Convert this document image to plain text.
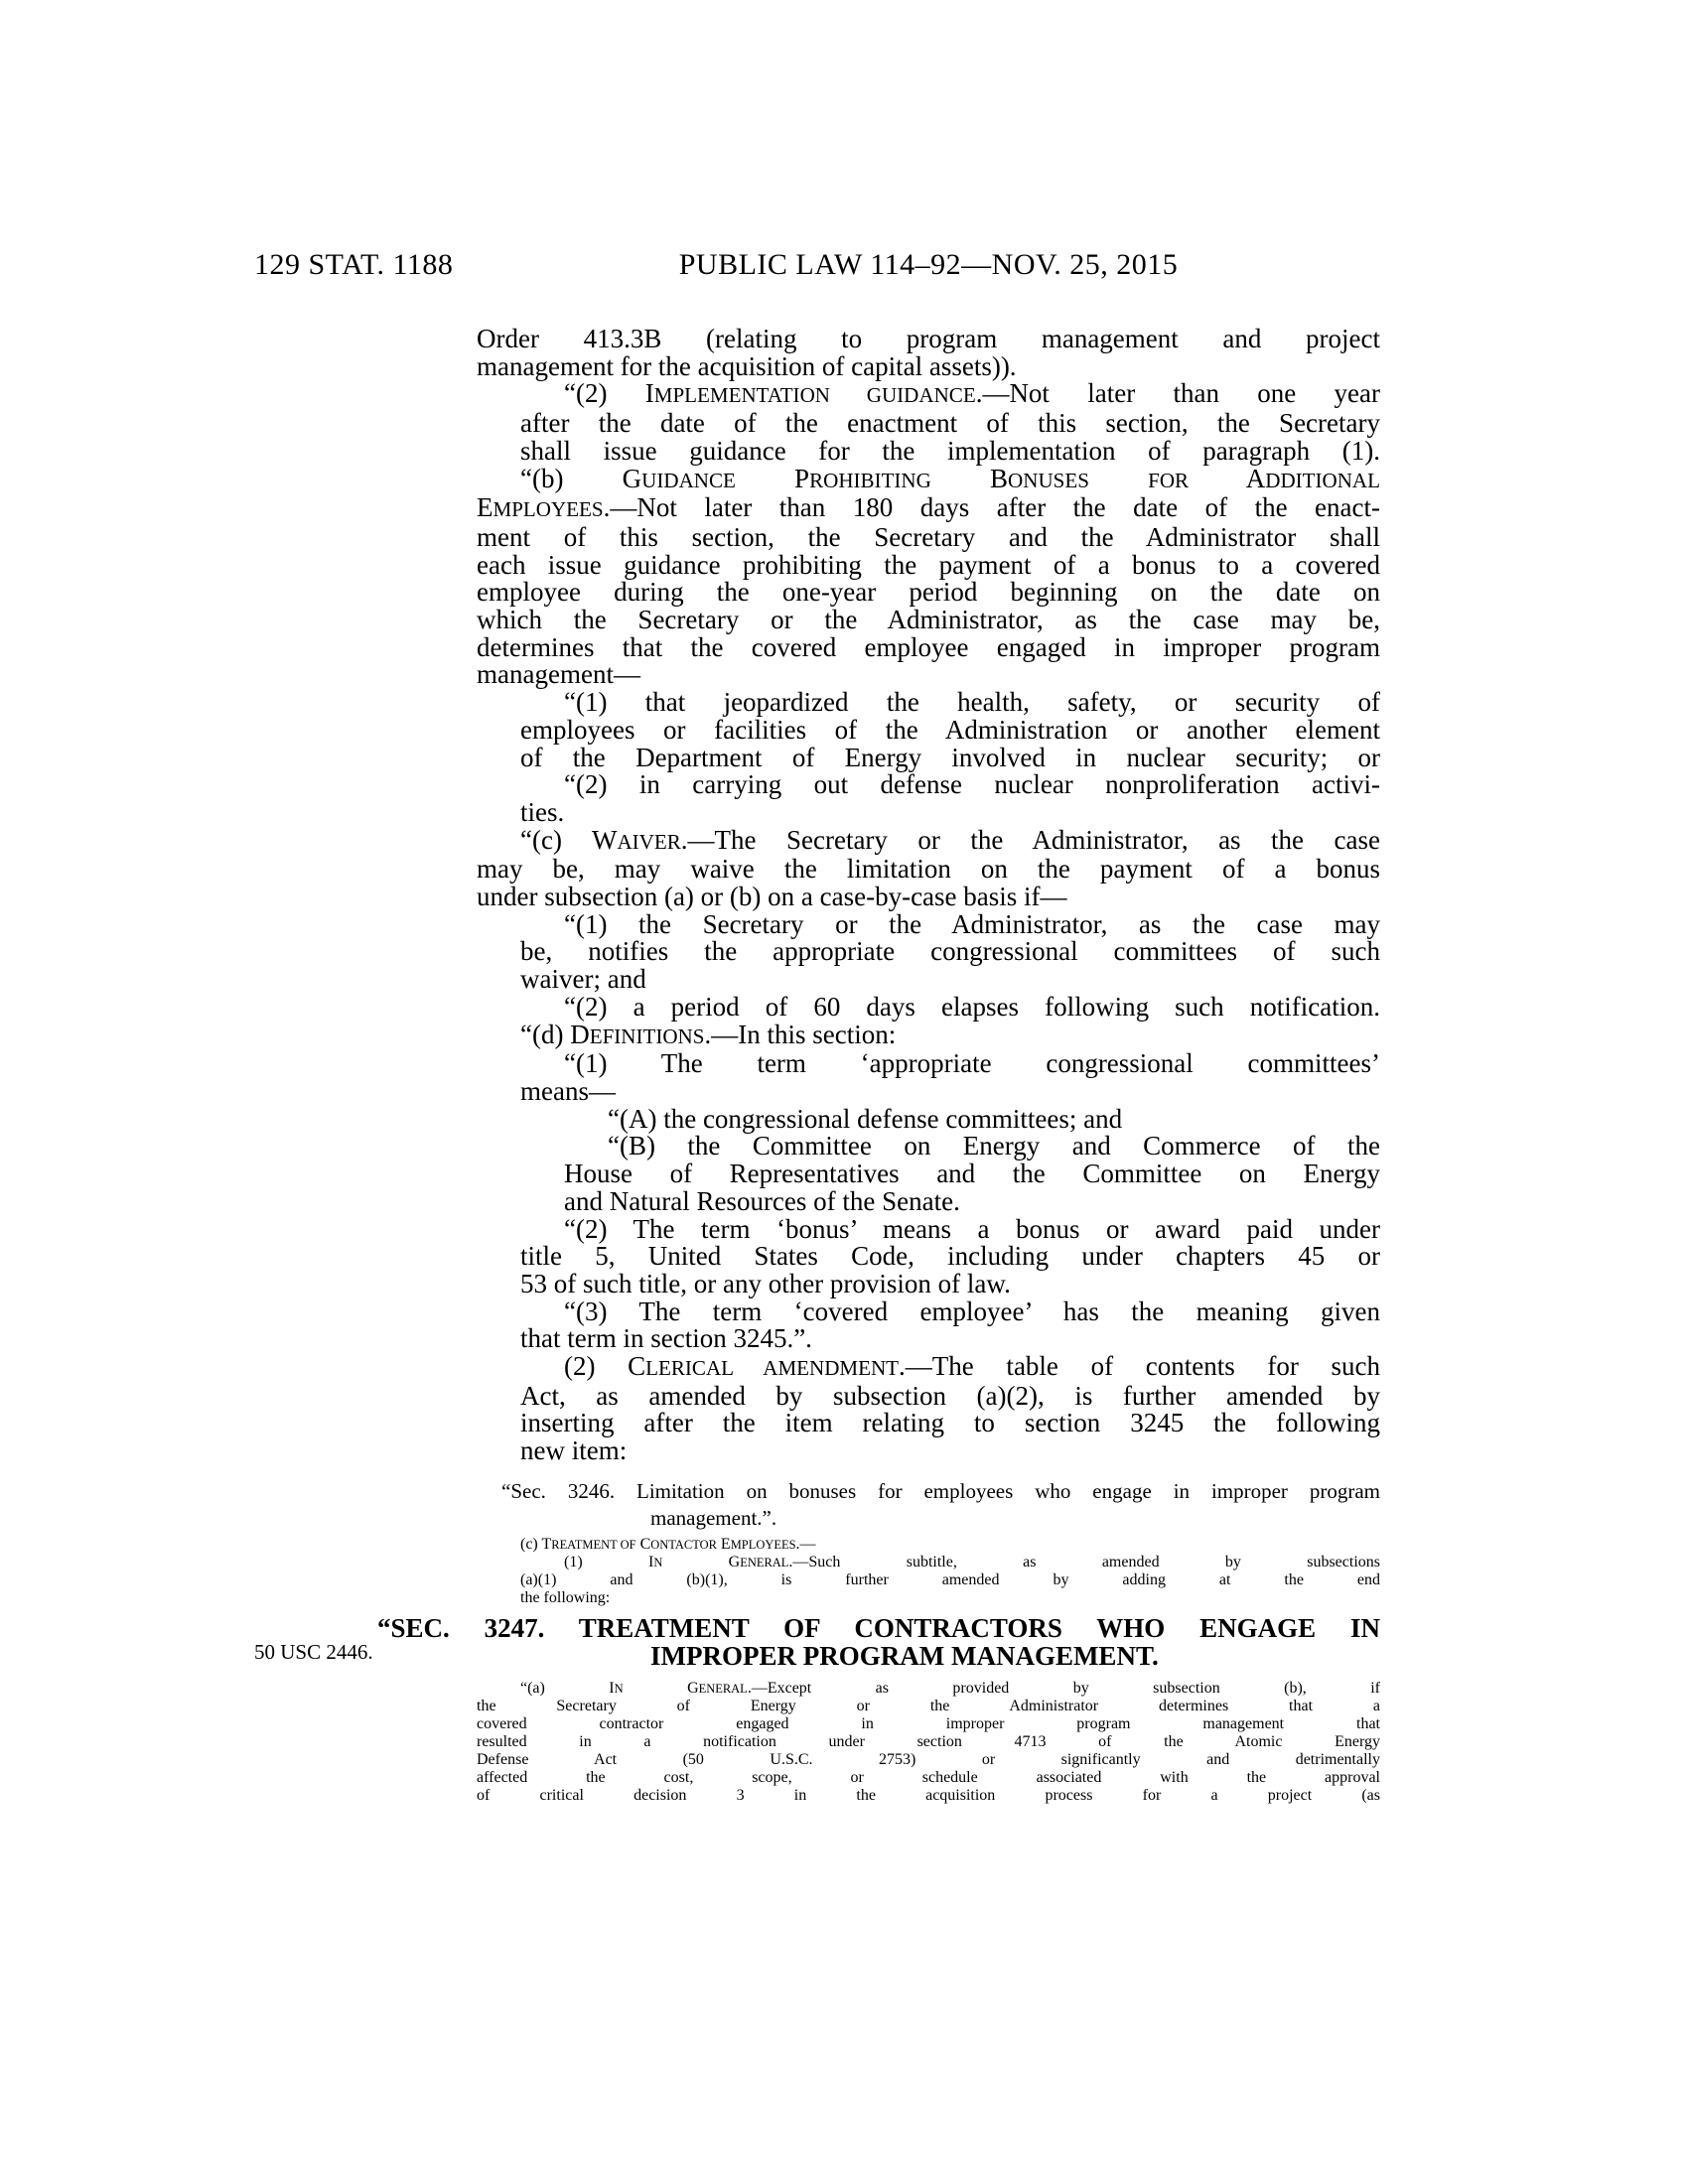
129 STAT. 1188	PUBLIC LAW 114–92—NOV. 25, 2015
50 USC 2446.
Order 413.3B (relating to program management and project
management for the acquisition of capital assets)).
“(2) IMPLEMENTATION GUIDANCE.—Not later than one year
after the date of the enactment of this section, the Secretary
shall issue guidance for the implementation of paragraph (1).
“(b) GUIDANCE PROHIBITING BONUSES	FOR ADDITIONAL
EMPLOYEES.—Not later than 180 days after the date of the enact-
ment of this section, the Secretary and the Administrator shall
each issue guidance prohibiting the payment of a bonus to a covered
employee during the one-year period beginning on the date on
which the Secretary or the Administrator, as the case may be,
determines that the covered employee engaged in improper program
management—
“(1) that jeopardized the health, safety, or security of
employees or facilities of the Administration or another element
of the Department of Energy involved in nuclear security; or
“(2) in carrying out defense nuclear nonproliferation activi-
ties.
“(c) WAIVER.—The Secretary or the Administrator, as the case
may be, may waive the limitation on the payment of a bonus
under subsection (a) or (b) on a case-by-case basis if—
“(1) the Secretary or the Administrator, as the case may
be, notifies the appropriate congressional committees of such
waiver; and
“(2) a period of 60 days elapses following such notification.
“(d) DEFINITIONS.—In this section:
“(1) The term ‘appropriate congressional committees’
means—
“(A) the congressional defense committees; and
“(B) the Committee on Energy and Commerce of the
House of Representatives and the Committee on Energy
and Natural Resources of the Senate.
“(2) The term ‘bonus’ means a bonus or award paid under
title 5, United States Code, including under chapters 45 or
53 of such title, or any other provision of law.
“(3) The term ‘covered employee’ has the meaning given
that term in section 3245.”.
(2) CLERICAL AMENDMENT.—The table of contents for such
Act, as amended by subsection (a)(2), is further amended by
inserting after the item relating to section 3245 the following
new item:
“Sec. 3246. Limitation on bonuses for employees who engage in improper program
management.”.
(c) TREATMENT OF CONTACTOR EMPLOYEES.—
(1) IN GENERAL.—Such subtitle, as amended by subsections
(a)(1) and (b)(1), is further amended by adding at the end
the following:
“SEC. 3247. TREATMENT OF CONTRACTORS WHO ENGAGE IN
IMPROPER PROGRAM MANAGEMENT.
“(a) IN GENERAL.—Except as provided by subsection (b), if
the Secretary of Energy or the Administrator determines that a
covered contractor engaged in improper program management that
resulted in a notification under section 4713 of the Atomic Energy
Defense Act (50 U.S.C. 2753) or significantly and detrimentally
affected the cost, scope, or schedule associated with the approval
of critical decision 3 in the acquisition process for a project (as
